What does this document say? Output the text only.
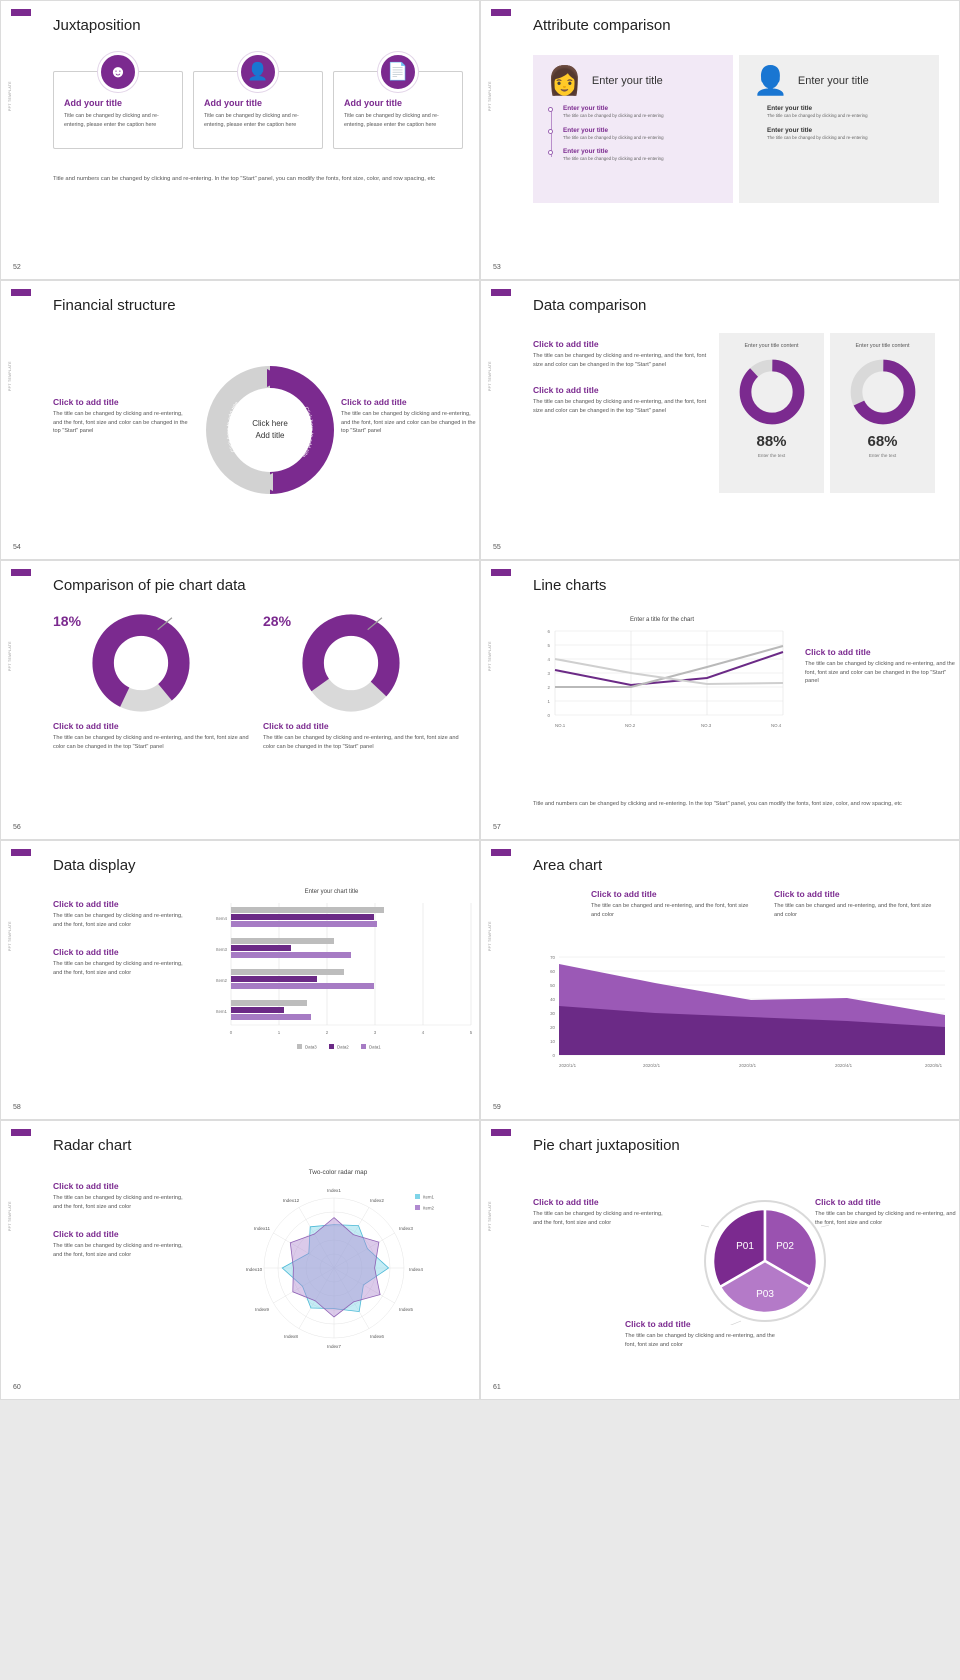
PPT TEMPLATE
52
Juxtaposition
☻
Add your title

Title can be changed by clicking and re-entering, please enter the caption here

👤
Add your title

Title can be changed by clicking and re-entering, please enter the caption here

📄
Add your title

Title can be changed by clicking and re-entering, please enter the caption here

Title and numbers can be changed by clicking and re-entering. In the top "Start" panel, you can modify the fonts, font size, color, and row spacing, etc
PPT TEMPLATE
53
Attribute comparison
👩 Enter your title
Enter your title
The title can be changed by clicking and re-entering
Enter your title
The title can be changed by clicking and re-entering
Enter your title
The title can be changed by clicking and re-entering
👤 Enter your title
Enter your title
The title can be changed by clicking and re-entering
Enter your title
The title can be changed by clicking and re-entering
PPT TEMPLATE
54
Financial structure
Click to add title

The title can be changed by clicking and re-entering, and the font, font size and color can be changed in the top "Start" panel

Click to add title

The title can be changed by clicking and re-entering, and the font, font size and color can be changed in the top "Start" panel

Click here to add title
Click here to add title
Click here
Add title
PPT TEMPLATE
55
Data comparison
Click to add title

The title can be changed by clicking and re-entering, and the font, font size and color can be changed in the top "Start" panel

Click to add title

The title can be changed by clicking and re-entering, and the font, font size and color can be changed in the top "Start" panel

Enter your title content
88%
Enter the text
Enter your title content
68%
Enter the text
PPT TEMPLATE
56
Comparison of pie chart data
18%
Click to add title

The title can be changed by clicking and re-entering, and the font, font size and color can be changed in the top "Start" panel

28%
Click to add title

The title can be changed by clicking and re-entering, and the font, font size and color can be changed in the top "Start" panel

PPT TEMPLATE
57
Line charts
Enter a title for the chart
6
5
4
3
2
1
0
NO.1	NO.2	NO.3	NO.4
Click to add title

The title can be changed by clicking and re-entering, and the font, font size and color can be changed in the top "Start" panel

Title and numbers can be changed by clicking and re-entering. In the top "Start" panel, you can modify the fonts, font size, color, and row spacing, etc
PPT TEMPLATE
58
Data display
Click to add title

The title can be changed by clicking and re-entering, and the font, font size and color

Click to add title

The title can be changed by clicking and re-entering, and the font, font size and color

Enter your chart title
Item4
Item3
Item2
Item1
0	1	2	3	4	5
Data3	Data2	Data1
PPT TEMPLATE
59
Area chart
Click to add title

The title can be changed and re-entering, and the font, font size and color

Click to add title

The title can be changed and re-entering, and the font, font size and color

70
60
50
40
30
20
10
0
2020/1/1	2020/2/1	2020/3/1	2020/4/1	2020/5/1
PPT TEMPLATE
60
Radar chart
Click to add title

The title can be changed by clicking and re-entering, and the font, font size and color

Click to add title

The title can be changed by clicking and re-entering, and the font, font size and color

Two-color radar map
Index1
Index2
Index3
Index4
Index5
Index6
Index7
Index8
Index9
Index10
Index11
Index12
Item1
Item2	PPT TEMPLATE
61
Pie chart juxtaposition
Click to add title

The title can be changed by clicking and re-entering, and the font, font size and color

Click to add title

The title can be changed by clicking and re-entering, and the font, font size and color

Click to add title

The title can be changed by clicking and re-entering, and the font, font size and color

P01 P02
P03
